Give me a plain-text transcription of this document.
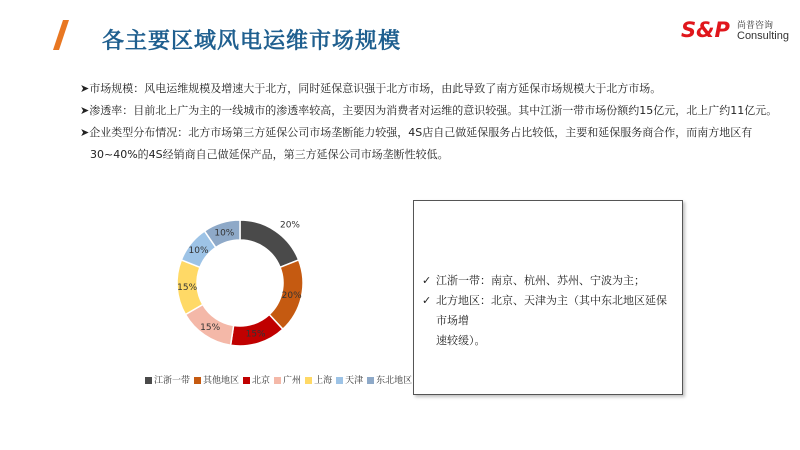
各主要区域风电运维市场规模	S&P 尚普咨询
Consulting

➤市场规模：风电运维规模及增速大于北方，同时延保意识强于北方市场，由此导致了南方延保市场规模大于北方市场。

➤渗透率：目前北上广为主的一线城市的渗透率较高，主要因为消费者对运维的意识较强。其中江浙一带市场份额约15亿元，北上广约11亿元。

➤企业类型分布情况：北方市场第三方延保公司市场垄断能力较强，4S店自己做延保服务占比较低，主要和延保服务商合作，而南方地区有

30~40%的4S经销商自己做延保产品，第三方延保公司市场垄断性较低。

20%
20%
15%
15%
15%
10%
10%
江浙一带 其他地区 北京 广州 上海 天津 东北地区
✓ 江浙一带：南京、杭州、苏州、宁波为主；
✓ 北方地区：北京、天津为主（其中东北地区延保市场增
速较缓）。
